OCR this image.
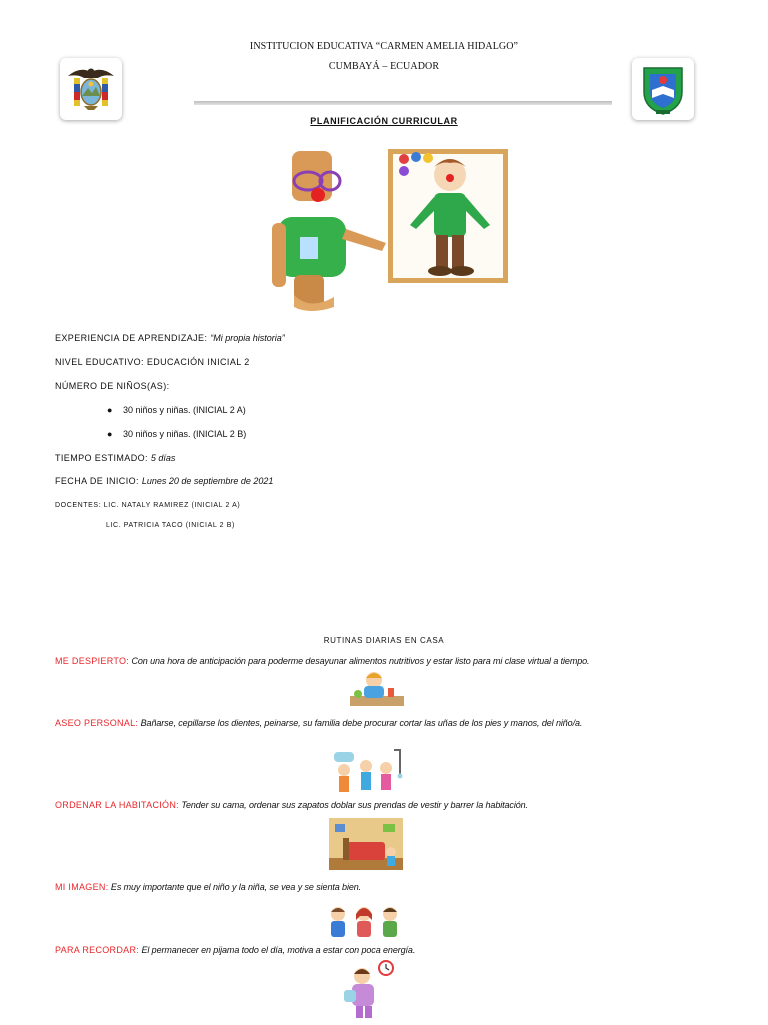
INSTITUCION EDUCATIVA “CARMEN AMELIA HIDALGO”
CUMBAYÁ – ECUADOR
PLANIFICACIÓN CURRICULAR
EXPERIENCIA DE APRENDIZAJE: “Mi propia historia”
NIVEL EDUCATIVO: EDUCACIÓN INICIAL 2
NÚMERO DE NIÑOS(AS):
● 30 niños y niñas. (INICIAL 2 A)
● 30 niños y niñas. (INICIAL 2 B)
TIEMPO ESTIMADO: 5 días
FECHA DE INICIO: Lunes 20 de septiembre de 2021
DOCENTES: LIC. NATALY RAMIREZ (INICIAL 2 A)
LIC. PATRICIA TACO (INICIAL 2 B)
RUTINAS DIARIAS EN CASA
ME DESPIERTO: Con una hora de anticipación para poderme desayunar alimentos nutritivos y estar listo para mi clase virtual a tiempo.
ASEO PERSONAL: Bañarse, cepillarse los dientes, peinarse, su familia debe procurar cortar las uñas de los pies y manos, del niño/a.
ORDENAR LA HABITACIÓN: Tender su cama, ordenar sus zapatos doblar sus prendas de vestir y barrer la habitación.
MI IMAGEN: Es muy importante que el niño y la niña, se vea y se sienta bien.
PARA RECORDAR: El permanecer en pijama todo el día, motiva a estar con poca energía.
